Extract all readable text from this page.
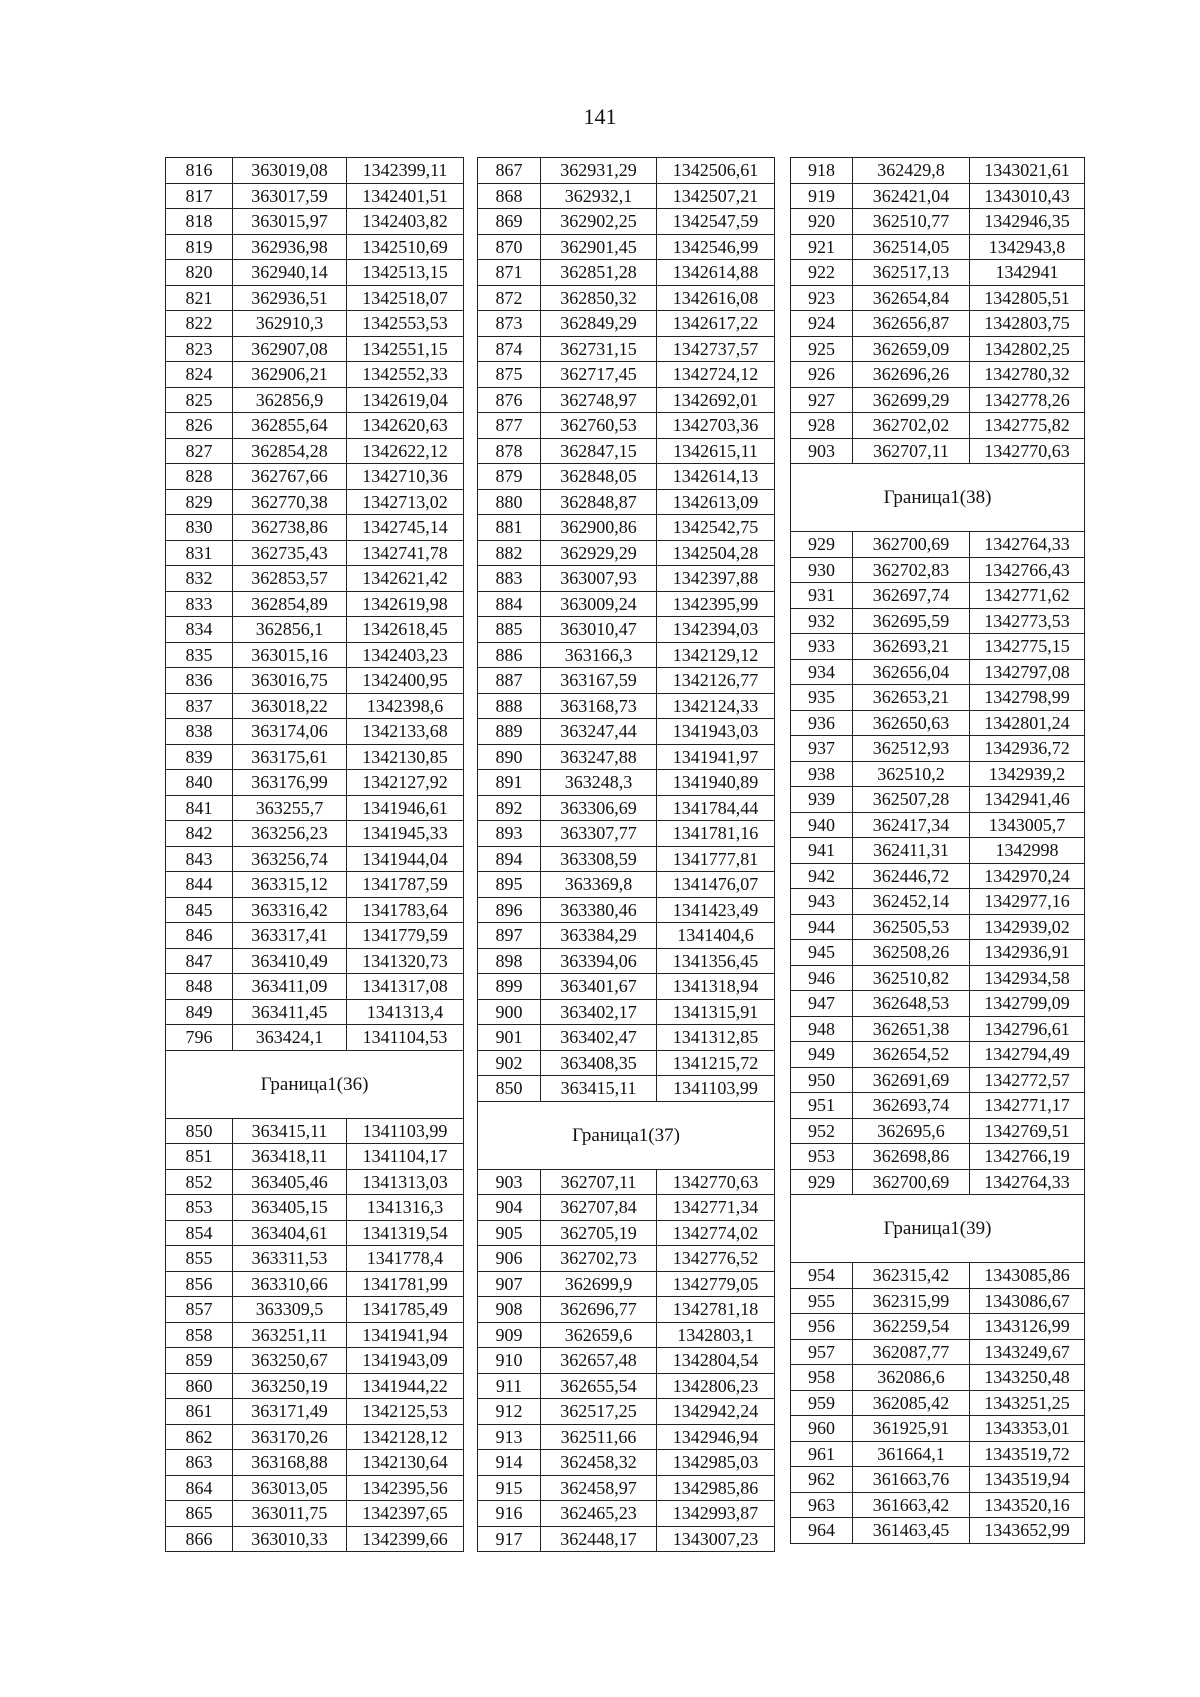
141
816	363019,08	1342399,11
817	363017,59	1342401,51
818	363015,97	1342403,82
819	362936,98	1342510,69
820	362940,14	1342513,15
821	362936,51	1342518,07
822	362910,3	1342553,53
823	362907,08	1342551,15
824	362906,21	1342552,33
825	362856,9	1342619,04
826	362855,64	1342620,63
827	362854,28	1342622,12
828	362767,66	1342710,36
829	362770,38	1342713,02
830	362738,86	1342745,14
831	362735,43	1342741,78
832	362853,57	1342621,42
833	362854,89	1342619,98
834	362856,1	1342618,45
835	363015,16	1342403,23
836	363016,75	1342400,95
837	363018,22	1342398,6
838	363174,06	1342133,68
839	363175,61	1342130,85
840	363176,99	1342127,92
841	363255,7	1341946,61
842	363256,23	1341945,33
843	363256,74	1341944,04
844	363315,12	1341787,59
845	363316,42	1341783,64
846	363317,41	1341779,59
847	363410,49	1341320,73
848	363411,09	1341317,08
849	363411,45	1341313,4
796	363424,1	1341104,53
Граница1(36)		
850	363415,11	1341103,99
851	363418,11	1341104,17
852	363405,46	1341313,03
853	363405,15	1341316,3
854	363404,61	1341319,54
855	363311,53	1341778,4
856	363310,66	1341781,99
857	363309,5	1341785,49
858	363251,11	1341941,94
859	363250,67	1341943,09
860	363250,19	1341944,22
861	363171,49	1342125,53
862	363170,26	1342128,12
863	363168,88	1342130,64
864	363013,05	1342395,56
865	363011,75	1342397,65
866	363010,33	1342399,66
867	362931,29	1342506,61
868	362932,1	1342507,21
869	362902,25	1342547,59
870	362901,45	1342546,99
871	362851,28	1342614,88
872	362850,32	1342616,08
873	362849,29	1342617,22
874	362731,15	1342737,57
875	362717,45	1342724,12
876	362748,97	1342692,01
877	362760,53	1342703,36
878	362847,15	1342615,11
879	362848,05	1342614,13
880	362848,87	1342613,09
881	362900,86	1342542,75
882	362929,29	1342504,28
883	363007,93	1342397,88
884	363009,24	1342395,99
885	363010,47	1342394,03
886	363166,3	1342129,12
887	363167,59	1342126,77
888	363168,73	1342124,33
889	363247,44	1341943,03
890	363247,88	1341941,97
891	363248,3	1341940,89
892	363306,69	1341784,44
893	363307,77	1341781,16
894	363308,59	1341777,81
895	363369,8	1341476,07
896	363380,46	1341423,49
897	363384,29	1341404,6
898	363394,06	1341356,45
899	363401,67	1341318,94
900	363402,17	1341315,91
901	363402,47	1341312,85
902	363408,35	1341215,72
850	363415,11	1341103,99
Граница1(37)		
903	362707,11	1342770,63
904	362707,84	1342771,34
905	362705,19	1342774,02
906	362702,73	1342776,52
907	362699,9	1342779,05
908	362696,77	1342781,18
909	362659,6	1342803,1
910	362657,48	1342804,54
911	362655,54	1342806,23
912	362517,25	1342942,24
913	362511,66	1342946,94
914	362458,32	1342985,03
915	362458,97	1342985,86
916	362465,23	1342993,87
917	362448,17	1343007,23
918	362429,8	1343021,61
919	362421,04	1343010,43
920	362510,77	1342946,35
921	362514,05	1342943,8
922	362517,13	1342941
923	362654,84	1342805,51
924	362656,87	1342803,75
925	362659,09	1342802,25
926	362696,26	1342780,32
927	362699,29	1342778,26
928	362702,02	1342775,82
903	362707,11	1342770,63
Граница1(38)		
929	362700,69	1342764,33
930	362702,83	1342766,43
931	362697,74	1342771,62
932	362695,59	1342773,53
933	362693,21	1342775,15
934	362656,04	1342797,08
935	362653,21	1342798,99
936	362650,63	1342801,24
937	362512,93	1342936,72
938	362510,2	1342939,2
939	362507,28	1342941,46
940	362417,34	1343005,7
941	362411,31	1342998
942	362446,72	1342970,24
943	362452,14	1342977,16
944	362505,53	1342939,02
945	362508,26	1342936,91
946	362510,82	1342934,58
947	362648,53	1342799,09
948	362651,38	1342796,61
949	362654,52	1342794,49
950	362691,69	1342772,57
951	362693,74	1342771,17
952	362695,6	1342769,51
953	362698,86	1342766,19
929	362700,69	1342764,33
Граница1(39)		
954	362315,42	1343085,86
955	362315,99	1343086,67
956	362259,54	1343126,99
957	362087,77	1343249,67
958	362086,6	1343250,48
959	362085,42	1343251,25
960	361925,91	1343353,01
961	361664,1	1343519,72
962	361663,76	1343519,94
963	361663,42	1343520,16
964	361463,45	1343652,99
